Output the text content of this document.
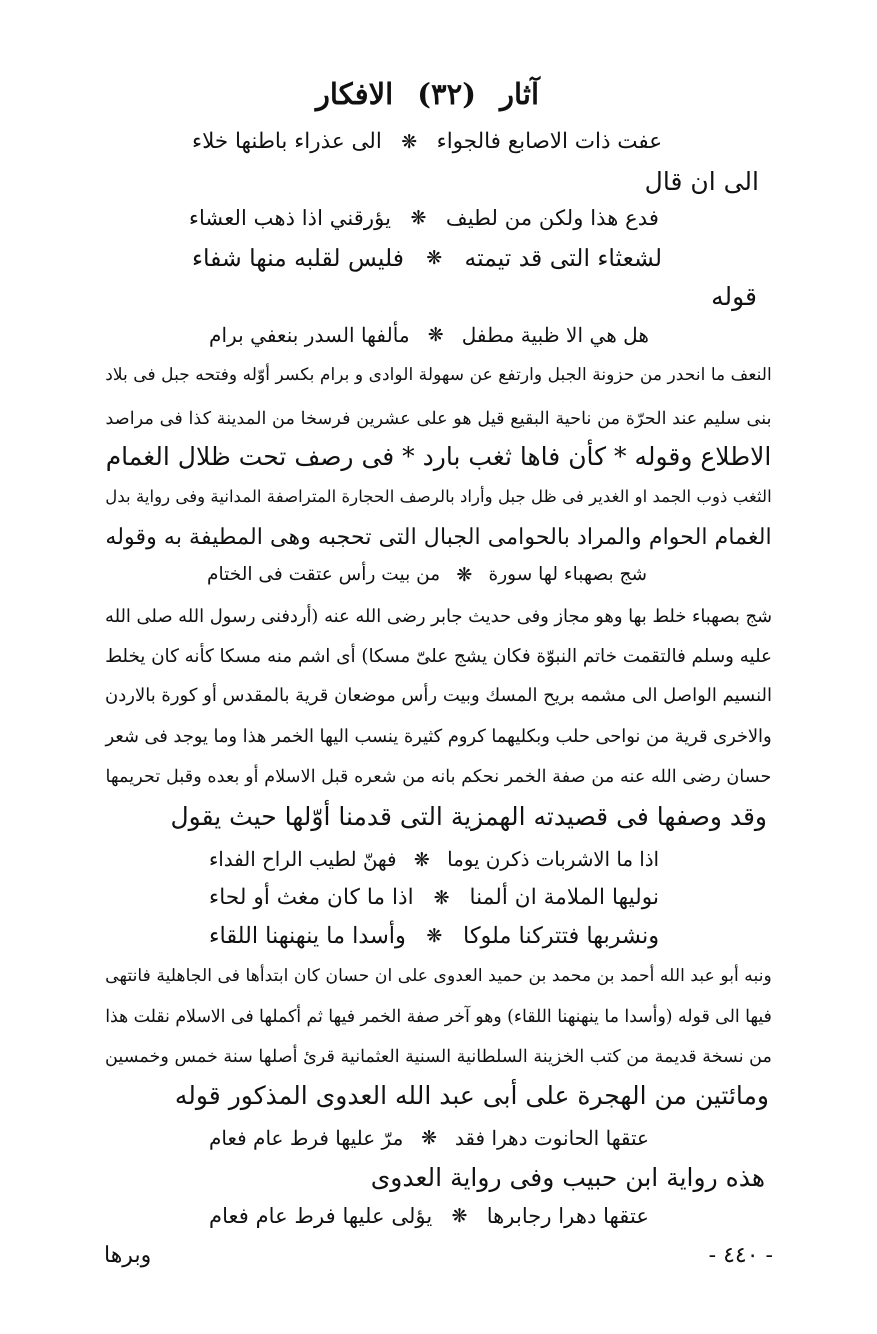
آثار (٣٢) الافكار
عفت ذات الاصابع فالجواء
❋
الى عذراء باطنها خلاء
الى ان قال
فدع هذا ولكن من لطيف
❋
يؤرقني اذا ذهب العشاء
لشعثاء التى قد تيمته
❋
فليس لقلبه منها شفاء
قوله
هل هي الا ظبية مطفل
❋
مألفها السدر بنعفي برام
النعف ما انحدر من حزونة الجبل وارتفع عن سهولة الوادى و برام بكسر أوّله وفتحه جبل فى بلاد
بنى سليم عند الحرّة من ناحية البقيع قيل هو على عشرين فرسخا من المدينة كذا فى مراصد
الاطلاع وقوله * كأن فاها ثغب بارد * فى رصف تحت ظلال الغمام
الثغب ذوب الجمد او الغدير فى ظل جبل وأراد بالرصف الحجارة المتراصفة المدانية وفى رواية بدل
الغمام الحوام والمراد بالحوامى الجبال التى تحجبه وهى المطيفة به وقوله
شج بصهباء لها سورة
❋
من بيت رأس عتقت فى الختام
شج بصهباء خلط بها وهو مجاز وفى حديث جابر رضى الله عنه (أردفنى رسول الله صلى الله
عليه وسلم فالتقمت خاتم النبوّة فكان يشج علىّ مسكا) أى اشم منه مسكا كأنه كان يخلط
النسيم الواصل الى مشمه بريح المسك وبيت رأس موضعان قرية بالمقدس أو كورة بالاردن
والاخرى قرية من نواحى حلب وبكليهما كروم كثيرة ينسب اليها الخمر هذا وما يوجد فى شعر
حسان رضى الله عنه من صفة الخمر نحكم بانه من شعره قبل الاسلام أو بعده وقبل تحريمها
وقد وصفها فى قصيدته الهمزية التى قدمنا أوّلها حيث يقول
اذا ما الاشربات ذكرن يوما
❋
فهنّ لطيب الراح الفداء
نوليها الملامة ان ألمنا
❋
اذا ما كان مغث أو لحاء
ونشربها فتتركنا ملوكا
❋
وأسدا ما ينهنهنا اللقاء
ونبه أبو عبد الله أحمد بن محمد بن حميد العدوى على ان حسان كان ابتدأها فى الجاهلية فانتهى
فيها الى قوله (وأسدا ما ينهنهنا اللقاء) وهو آخر صفة الخمر فيها ثم أكملها فى الاسلام نقلت هذا
من نسخة قديمة من كتب الخزينة السلطانية السنية العثمانية قرئ أصلها سنة خمس وخمسين
ومائتين من الهجرة على أبى عبد الله العدوى المذكور قوله
عتقها الحانوت دهرا فقد
❋
مرّ عليها فرط عام فعام
هذه رواية ابن حبيب وفى رواية العدوى
عتقها دهرا رجابرها
❋
يؤلى عليها فرط عام فعام
- ٤٤٠ -
وبرها
